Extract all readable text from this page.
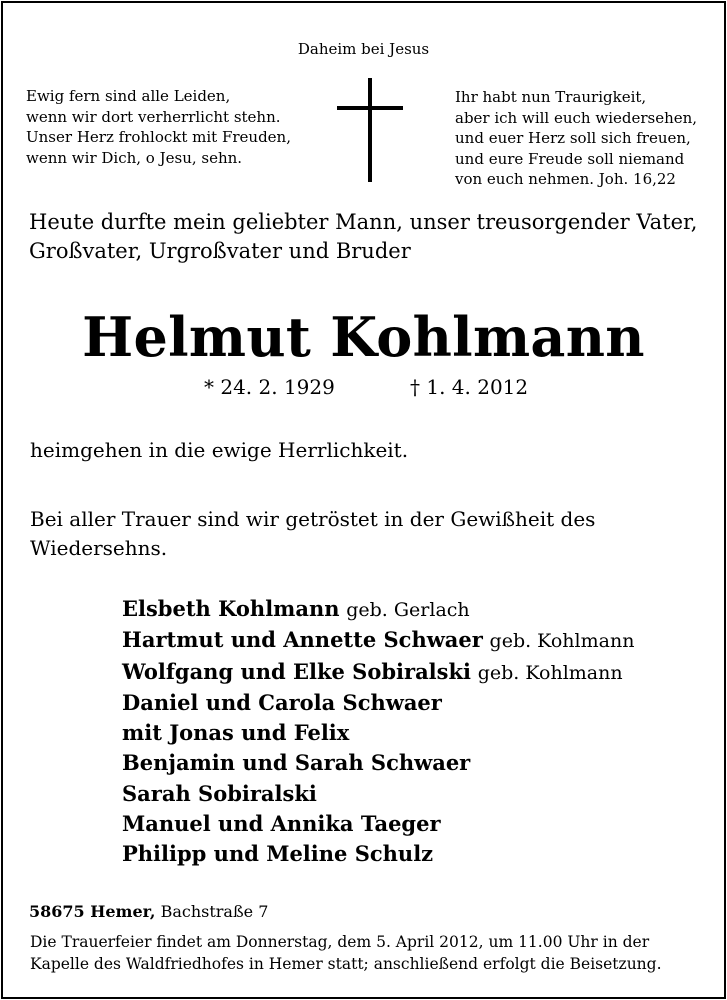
Daheim bei Jesus
Ewig fern sind alle Leiden,
wenn wir dort verherrlicht stehn.
Unser Herz frohlockt mit Freuden,
wenn wir Dich, o Jesu, sehn.
Ihr habt nun Traurigkeit,
aber ich will euch wiedersehen,
und euer Herz soll sich freuen,
und eure Freude soll niemand
von euch nehmen. Joh. 16,22
Heute durfte mein geliebter Mann, unser treusorgender Vater,
Großvater, Urgroßvater und Bruder
Helmut Kohlmann
* 24. 2. 1929	† 1. 4. 2012
heimgehen in die ewige Herrlichkeit.
Bei aller Trauer sind wir getröstet in der Gewißheit des
Wiedersehns.
Elsbeth Kohlmann geb. Gerlach
Hartmut und Annette Schwaer geb. Kohlmann
Wolfgang und Elke Sobiralski geb. Kohlmann
Daniel und Carola Schwaer
mit Jonas und Felix
Benjamin und Sarah Schwaer
Sarah Sobiralski
Manuel und Annika Taeger
Philipp und Meline Schulz
58675 Hemer, Bachstraße 7
Die Trauerfeier findet am Donnerstag, dem 5. April 2012, um 11.00 Uhr in der
Kapelle des Waldfriedhofes in Hemer statt; anschließend erfolgt die Beisetzung.
